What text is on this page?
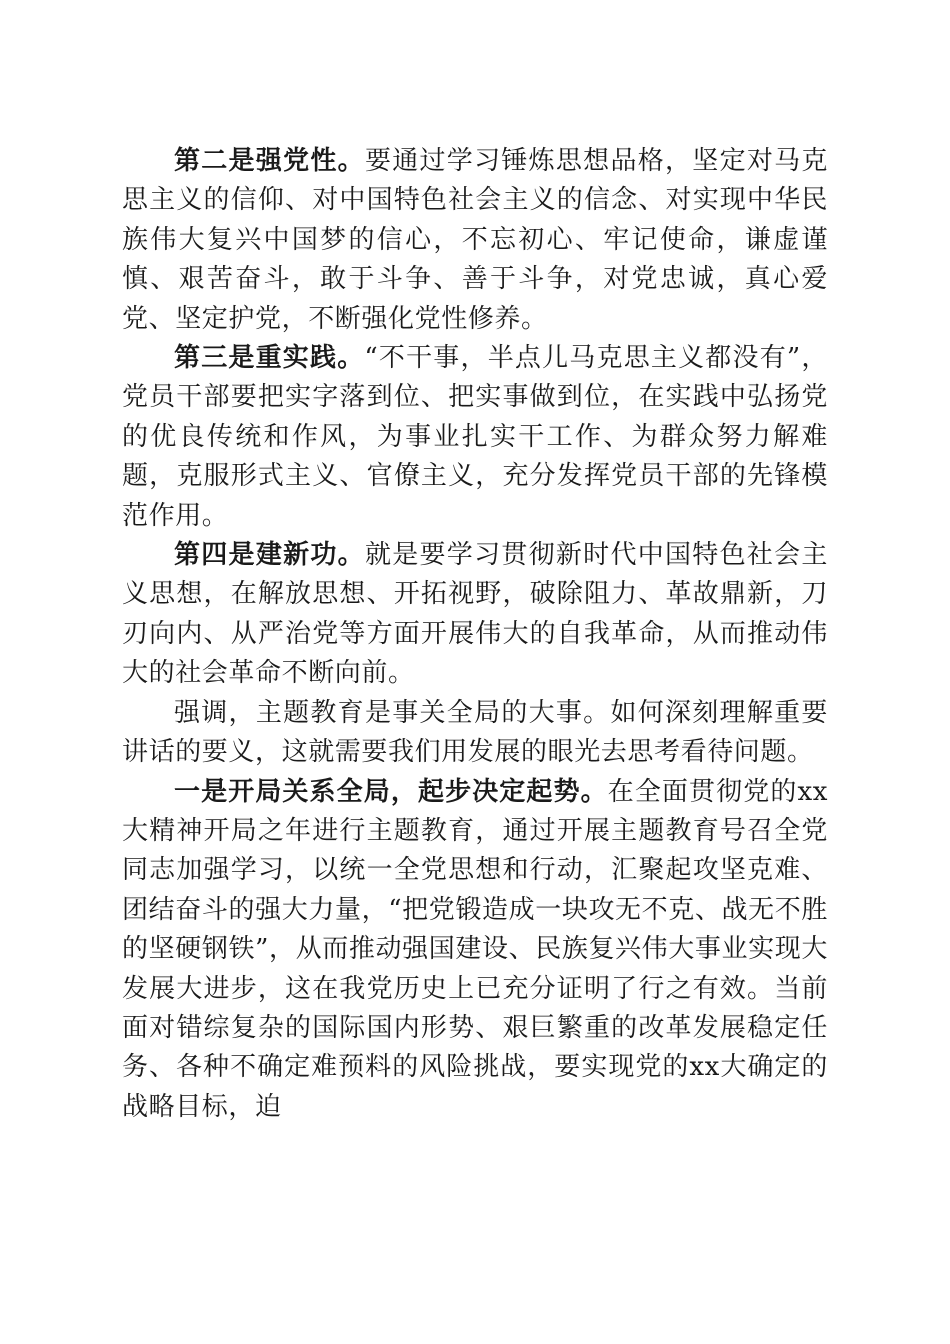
第二是强党性。要通过学习锤炼思想品格，坚定对马克思主义的信仰、对中国特色社会主义的信念、对实现中华民族伟大复兴中国梦的信心，不忘初心、牢记使命，谦虚谨慎、艰苦奋斗，敢于斗争、善于斗争，对党忠诚，真心爱党、坚定护党，不断强化党性修养。

第三是重实践。“不干事，半点儿马克思主义都没有”，党员干部要把实字落到位、把实事做到位，在实践中弘扬党的优良传统和作风，为事业扎实干工作、为群众努力解难题，克服形式主义、官僚主义，充分发挥党员干部的先锋模范作用。

第四是建新功。就是要学习贯彻新时代中国特色社会主义思想，在解放思想、开拓视野，破除阻力、革故鼎新，刀刃向内、从严治党等方面开展伟大的自我革命，从而推动伟大的社会革命不断向前。

强调，主题教育是事关全局的大事。如何深刻理解重要讲话的要义，这就需要我们用发展的眼光去思考看待问题。

一是开局关系全局，起步决定起势。在全面贯彻党的xx大精神开局之年进行主题教育，通过开展主题教育号召全党同志加强学习，以统一全党思想和行动，汇聚起攻坚克难、团结奋斗的强大力量，“把党锻造成一块攻无不克、战无不胜的坚硬钢铁”，从而推动强国建设、民族复兴伟大事业实现大发展大进步，这在我党历史上已充分证明了行之有效。当前面对错综复杂的国际国内形势、艰巨繁重的改革发展稳定任务、各种不确定难预料的风险挑战，要实现党的xx大确定的战略目标，迫
